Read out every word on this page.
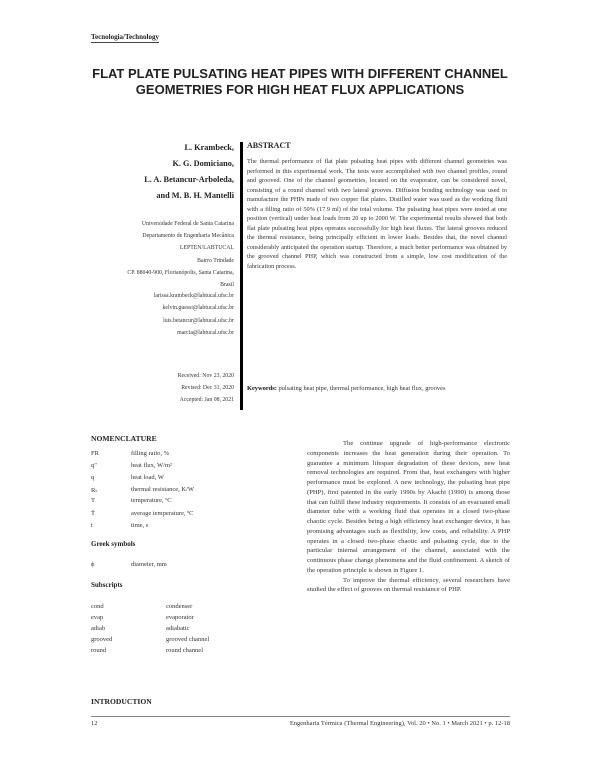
Tecnologia/Technology
FLAT PLATE PULSATING HEAT PIPES WITH DIFFERENT CHANNEL GEOMETRIES FOR HIGH HEAT FLUX APPLICATIONS
L. Krambeck,
K. G. Domiciano,
L. A. Betancur-Arboleda,
and M. B. H. Mantelli
Universidade Federal de Santa Catarina
Departamento de Engenharia Mecânica
LEPTEN/LABTUCAL
Bairro Trindade
CP. 88040-900, Florianópolis, Santa Catarina,
Brasil
larissa.krambeck@labtucal.ufsc.br
kelvin.guessi@labtucal.ufsc.br
luis.betancur@labtucal.ufsc.br
marcia@labtucal.ufsc.br
Received: Nov 23, 2020
Revised: Dec 31, 2020
Accepted: Jan 08, 2021
ABSTRACT
The thermal performance of flat plate pulsating heat pipes with different channel geometries was performed in this experimental work. The tests were accomplished with two channel profiles, round and grooved. One of the channel geometries, located on the evaporator, can be considered novel, consisting of a round channel with two lateral grooves. Diffusion bonding technology was used to manufacture the PHPs made of two copper flat plates. Distilled water was used as the working fluid with a filling ratio of 50% (17.9 ml) of the total volume. The pulsating heat pipes were tested at one position (vertical) under heat loads from 20 up to 2000 W. The experimental results showed that both flat plate pulsating heat pipes operates successfully for high heat fluxes. The lateral grooves reduced the thermal resistance, being principally efficient in lower loads. Besides that, the novel channel considerably anticipated the operation startup. Therefore, a much better performance was obtained by the grooved channel PHP, which was constructed from a simple, low cost modification of the fabrication process.
Keywords: pulsating heat pipe, thermal performance, high heat flux, grooves
NOMENCLATURE
FR	filling ratio, %
q"	heat flux, W/m²
q	heat load, W
Rₜ	thermal resistance, K/W
T	temperature, ºC
T̄	average temperature, ºC
t	time, s
Greek symbols
ϕ	diameter, mm
Subscripts
cond	condenser
evap	evaporator
adiab	adiabatic
grooved	grooved channel
round	round channel

The continue upgrade of high-performance electronic components increases the heat generation during their operation. To guarantee a minimum lifespan degradation of these devices, new heat removal technologies are required. From that, heat exchangers with higher performance must be explored. A new technology, the pulsating heat pipe (PHP), first patented in the early 1990s by Akachi (1990) is among those that can fulfill these industry requirements. It consists of an evacuated small diameter tube with a working fluid that operates in a closed two-phase chaotic cycle. Besides being a high efficiency heat exchanger device, it has promising advantages such as flexibility, low costs, and reliability. A PHP operates in a closed two-phase chaotic and pulsating cycle, due to the particular internal arrangement of the channel, associated with the continuous phase change phenomena and the fluid confinement. A sketch of the operation principle is shown in Figure 1.

To improve the thermal efficiency, several researchers have studied the effect of grooves on thermal resistance of PHP.

INTRODUCTION
12	Engenharia Térmica (Thermal Engineering), Vol. 20 • No. 1 • March 2021 • p. 12-18
